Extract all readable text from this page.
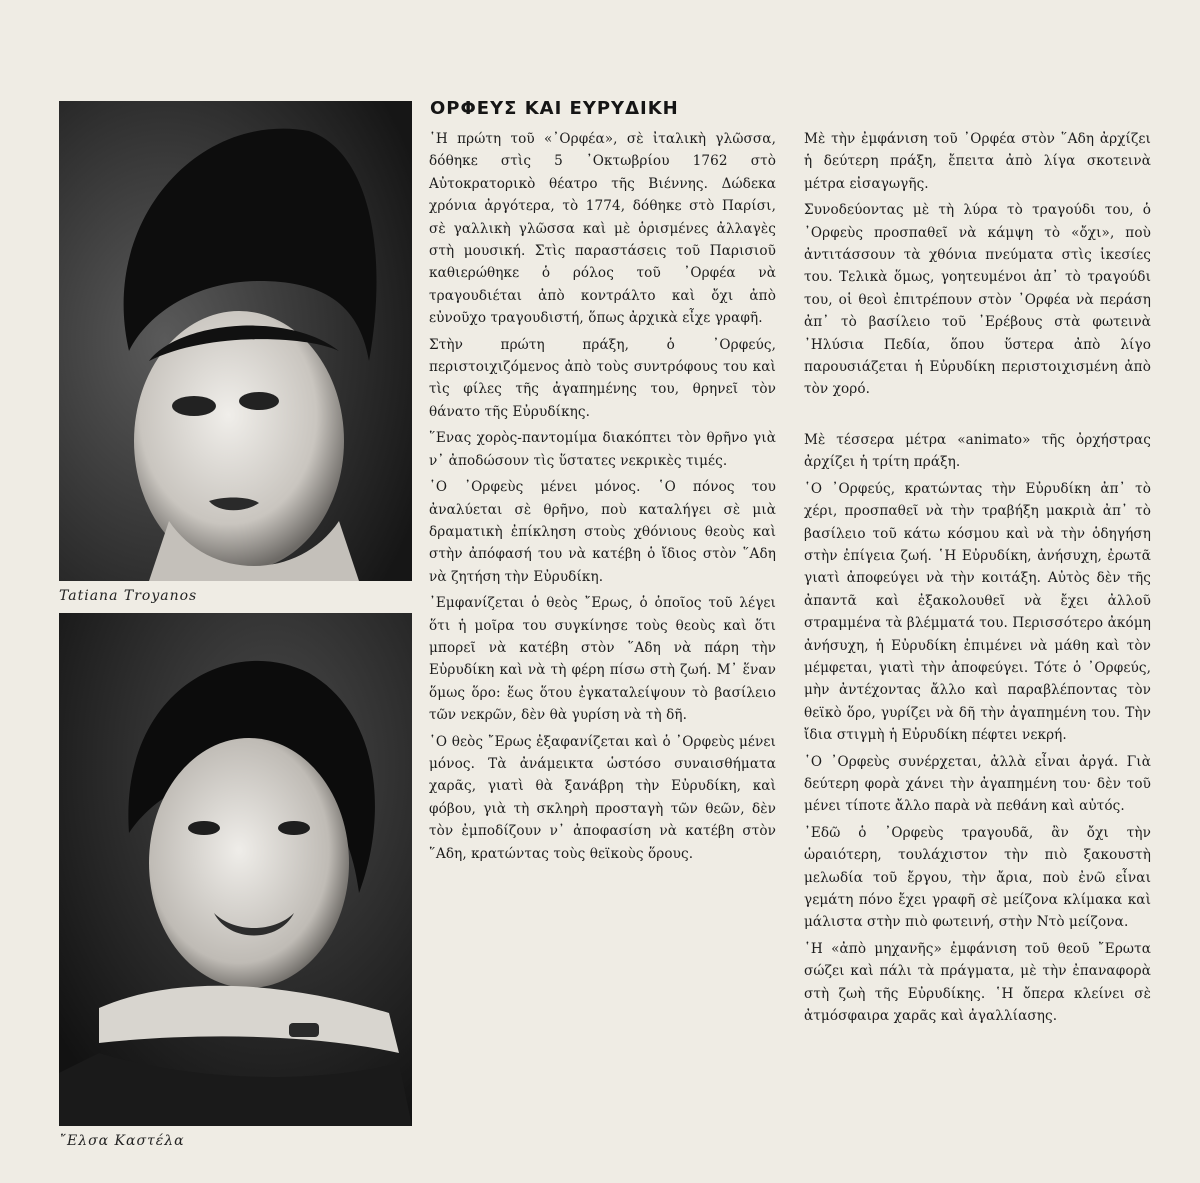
Tatiana Troyanos
῎Ελσα Καστέλα
ΟΡΦΕΥΣ ΚΑΙ ΕΥΡΥΔΙΚΗ

῾Η πρώτη τοῦ «᾿Ορφέα», σὲ ἰταλικὴ γλῶσσα, δόθηκε στὶς 5 ᾿Οκτωβρίου 1762 στὸ Αὐτοκρατορικὸ θέατρο τῆς Βιέννης. Δώδεκα χρόνια ἀργότερα, τὸ 1774, δόθηκε στὸ Παρίσι, σὲ γαλλικὴ γλῶσσα καὶ μὲ ὁρισμένες ἀλλαγὲς στὴ μουσική. Στὶς παραστάσεις τοῦ Παρισιοῦ καθιερώθηκε ὁ ρόλος τοῦ ᾿Ορφέα νὰ τραγουδιέται ἀπὸ κοντράλτο καὶ ὄχι ἀπὸ εὐνοῦχο τραγουδιστή, ὅπως ἀρχικὰ εἶχε γραφῆ.

Στὴν πρώτη πράξη, ὁ ᾿Ορφεύς, περιστοιχιζόμενος ἀπὸ τοὺς συντρόφους του καὶ τὶς φίλες τῆς ἀγαπημένης του, θρηνεῖ τὸν θάνατο τῆς Εὐρυδίκης.

῞Ενας χορὸς-παντομίμα διακόπτει τὸν θρῆνο γιὰ ν᾿ ἀποδώσουν τὶς ὕστατες νεκρικὲς τιμές.

῾Ο ᾿Ορφεὺς μένει μόνος. ῾Ο πόνος του ἀναλύεται σὲ θρῆνο, ποὺ καταλήγει σὲ μιὰ δραματικὴ ἐπίκληση στοὺς χθόνιους θεοὺς καὶ στὴν ἀπόφασή του νὰ κατέβη ὁ ἴδιος στὸν ῞Αδη νὰ ζητήση τὴν Εὐρυδίκη.

᾿Εμφανίζεται ὁ θεὸς ῎Ερως, ὁ ὁποῖος τοῦ λέγει ὅτι ἡ μοῖρα του συγκίνησε τοὺς θεοὺς καὶ ὅτι μπορεῖ νὰ κατέβη στὸν ῞Αδη νὰ πάρη τὴν Εὐρυδίκη καὶ νὰ τὴ φέρη πίσω στὴ ζωή. Μ᾿ ἕναν ὅμως ὅρο: ἕως ὅτου ἐγκαταλείψουν τὸ βασίλειο τῶν νεκρῶν, δὲν θὰ γυρίση νὰ τὴ δῆ.

῾Ο θεὸς ῎Ερως ἐξαφανίζεται καὶ ὁ ᾿Ορφεὺς μένει μόνος. Τὰ ἀνάμεικτα ὡστόσο συναισθήματα χαρᾶς, γιατὶ θὰ ξανάβρη τὴν Εὐρυδίκη, καὶ φόβου, γιὰ τὴ σκληρὴ προσταγὴ τῶν θεῶν, δὲν τὸν ἐμποδίζουν ν᾿ ἀποφασίση νὰ κατέβη στὸν ῞Αδη, κρατώντας τοὺς θεϊκοὺς ὅρους.

Μὲ τὴν ἐμφάνιση τοῦ ᾿Ορφέα στὸν ῞Αδη ἀρχίζει ἡ δεύτερη πράξη, ἔπειτα ἀπὸ λίγα σκοτεινὰ μέτρα εἰσαγωγῆς.

Συνοδεύοντας μὲ τὴ λύρα τὸ τραγούδι του, ὁ ᾿Ορφεὺς προσπαθεῖ νὰ κάμψη τὸ «ὄχι», ποὺ ἀντιτάσσουν τὰ χθόνια πνεύματα στὶς ἱκεσίες του. Τελικὰ ὅμως, γοητευμένοι ἀπ᾿ τὸ τραγούδι του, οἱ θεοὶ ἐπιτρέπουν στὸν ᾿Ορφέα νὰ περάση ἀπ᾿ τὸ βασίλειο τοῦ ᾿Ερέβους στὰ φωτεινὰ ᾿Ηλύσια Πεδία, ὅπου ὕστερα ἀπὸ λίγο παρουσιάζεται ἡ Εὐρυδίκη περιστοιχισμένη ἀπὸ τὸν χορό.

Μὲ τέσσερα μέτρα «animato» τῆς ὀρχήστρας ἀρχίζει ἡ τρίτη πράξη.

῾Ο ᾿Ορφεύς, κρατώντας τὴν Εὐρυδίκη ἀπ᾿ τὸ χέρι, προσπαθεῖ νὰ τὴν τραβήξη μακριὰ ἀπ᾿ τὸ βασίλειο τοῦ κάτω κόσμου καὶ νὰ τὴν ὁδηγήση στὴν ἐπίγεια ζωή. ῾Η Εὐρυδίκη, ἀνήσυχη, ἐρωτᾶ γιατὶ ἀποφεύγει νὰ τὴν κοιτάξη. Αὐτὸς δὲν τῆς ἀπαντᾶ καὶ ἐξακολουθεῖ νὰ ἔχει ἀλλοῦ στραμμένα τὰ βλέμματά του. Περισσότερο ἀκόμη ἀνήσυχη, ἡ Εὐρυδίκη ἐπιμένει νὰ μάθη καὶ τὸν μέμφεται, γιατὶ τὴν ἀποφεύγει. Τότε ὁ ᾿Ορφεύς, μὴν ἀντέχοντας ἄλλο καὶ παραβλέποντας τὸν θεϊκὸ ὅρο, γυρίζει νὰ δῆ τὴν ἀγαπημένη του. Τὴν ἴδια στιγμὴ ἡ Εὐρυδίκη πέφτει νεκρή.

῾Ο ᾿Ορφεὺς συνέρχεται, ἀλλὰ εἶναι ἀργά. Γιὰ δεύτερη φορὰ χάνει τὴν ἀγαπημένη του· δὲν τοῦ μένει τίποτε ἄλλο παρὰ νὰ πεθάνη καὶ αὐτός.

᾿Εδῶ ὁ ᾿Ορφεὺς τραγουδᾶ, ἂν ὄχι τὴν ὡραιότερη, τουλάχιστον τὴν πιὸ ξακουστὴ μελωδία τοῦ ἔργου, τὴν ἄρια, ποὺ ἐνῶ εἶναι γεμάτη πόνο ἔχει γραφῆ σὲ μείζονα κλίμακα καὶ μάλιστα στὴν πιὸ φωτεινή, στὴν Ντὸ μείζονα.

῾Η «ἀπὸ μηχανῆς» ἐμφάνιση τοῦ θεοῦ ῎Ερωτα σώζει καὶ πάλι τὰ πράγματα, μὲ τὴν ἐπαναφορὰ στὴ ζωὴ τῆς Εὐρυδίκης. ῾Η ὄπερα κλείνει σὲ ἀτμόσφαιρα χαρᾶς καὶ ἀγαλλίασης.
